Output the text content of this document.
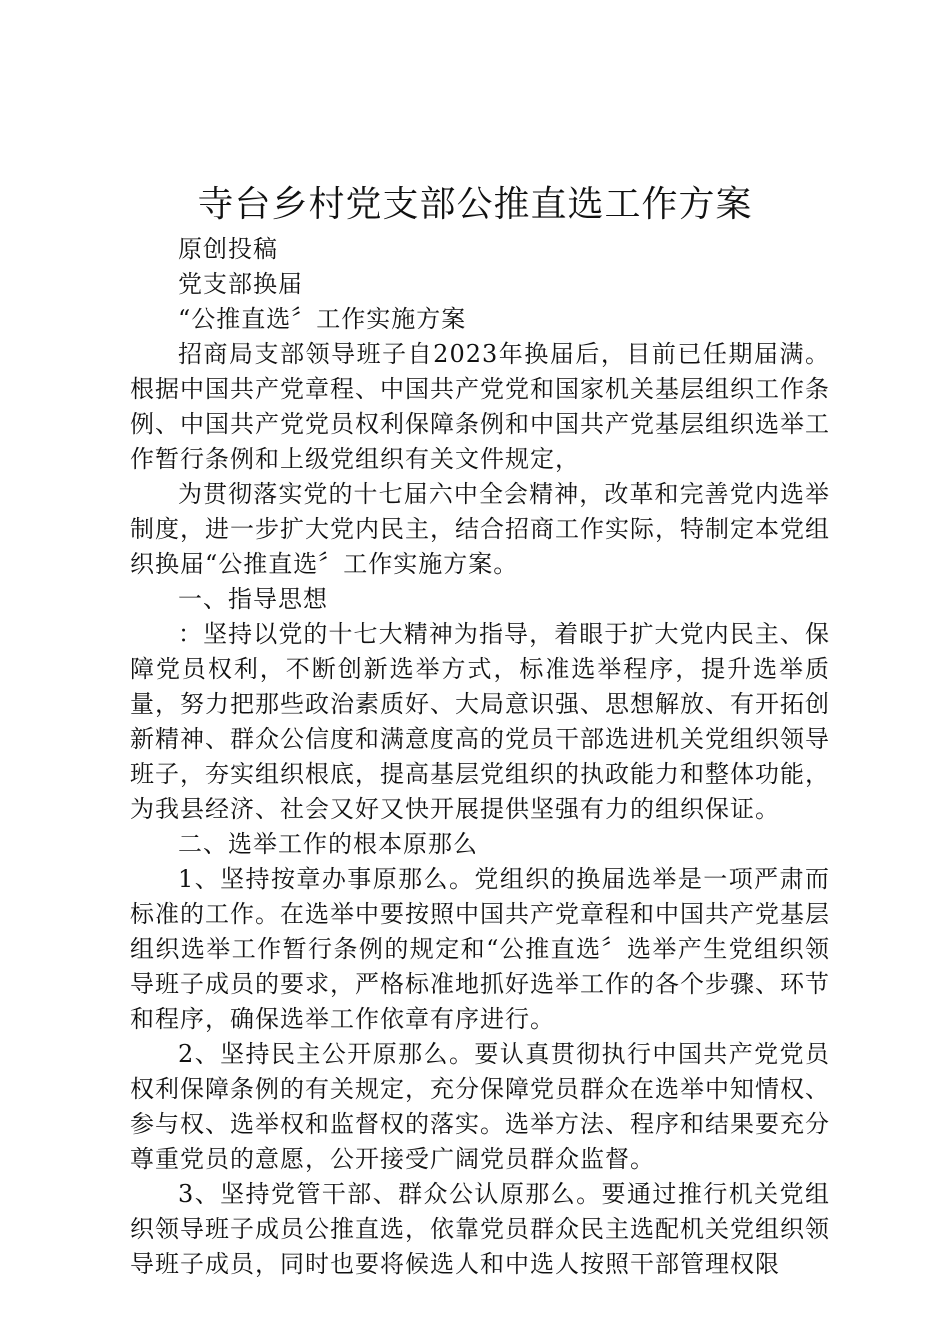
寺台乡村党支部公推直选工作方案

原创投稿

党支部换届

“公推直选〞工作实施方案

招商局支部领导班子自2023年换届后，目前已任期届满。根据中国共产党章程、中国共产党党和国家机关基层组织工作条例、中国共产党党员权利保障条例和中国共产党基层组织选举工作暂行条例和上级党组织有关文件规定，

为贯彻落实党的十七届六中全会精神，改革和完善党内选举制度，进一步扩大党内民主，结合招商工作实际，特制定本党组织换届“公推直选〞工作实施方案。

一、指导思想

：坚持以党的十七大精神为指导，着眼于扩大党内民主、保障党员权利，不断创新选举方式，标准选举程序，提升选举质量，努力把那些政治素质好、大局意识强、思想解放、有开拓创新精神、群众公信度和满意度高的党员干部选进机关党组织领导班子，夯实组织根底，提高基层党组织的执政能力和整体功能，为我县经济、社会又好又快开展提供坚强有力的组织保证。

二、选举工作的根本原那么

1、坚持按章办事原那么。党组织的换届选举是一项严肃而标准的工作。在选举中要按照中国共产党章程和中国共产党基层组织选举工作暂行条例的规定和“公推直选〞选举产生党组织领导班子成员的要求，严格标准地抓好选举工作的各个步骤、环节和程序，确保选举工作依章有序进行。

2、坚持民主公开原那么。要认真贯彻执行中国共产党党员权利保障条例的有关规定，充分保障党员群众在选举中知情权、参与权、选举权和监督权的落实。选举方法、程序和结果要充分尊重党员的意愿，公开接受广阔党员群众监督。

3、坚持党管干部、群众公认原那么。要通过推行机关党组织领导班子成员公推直选，依靠党员群众民主选配机关党组织领导班子成员，同时也要将候选人和中选人按照干部管理权限
